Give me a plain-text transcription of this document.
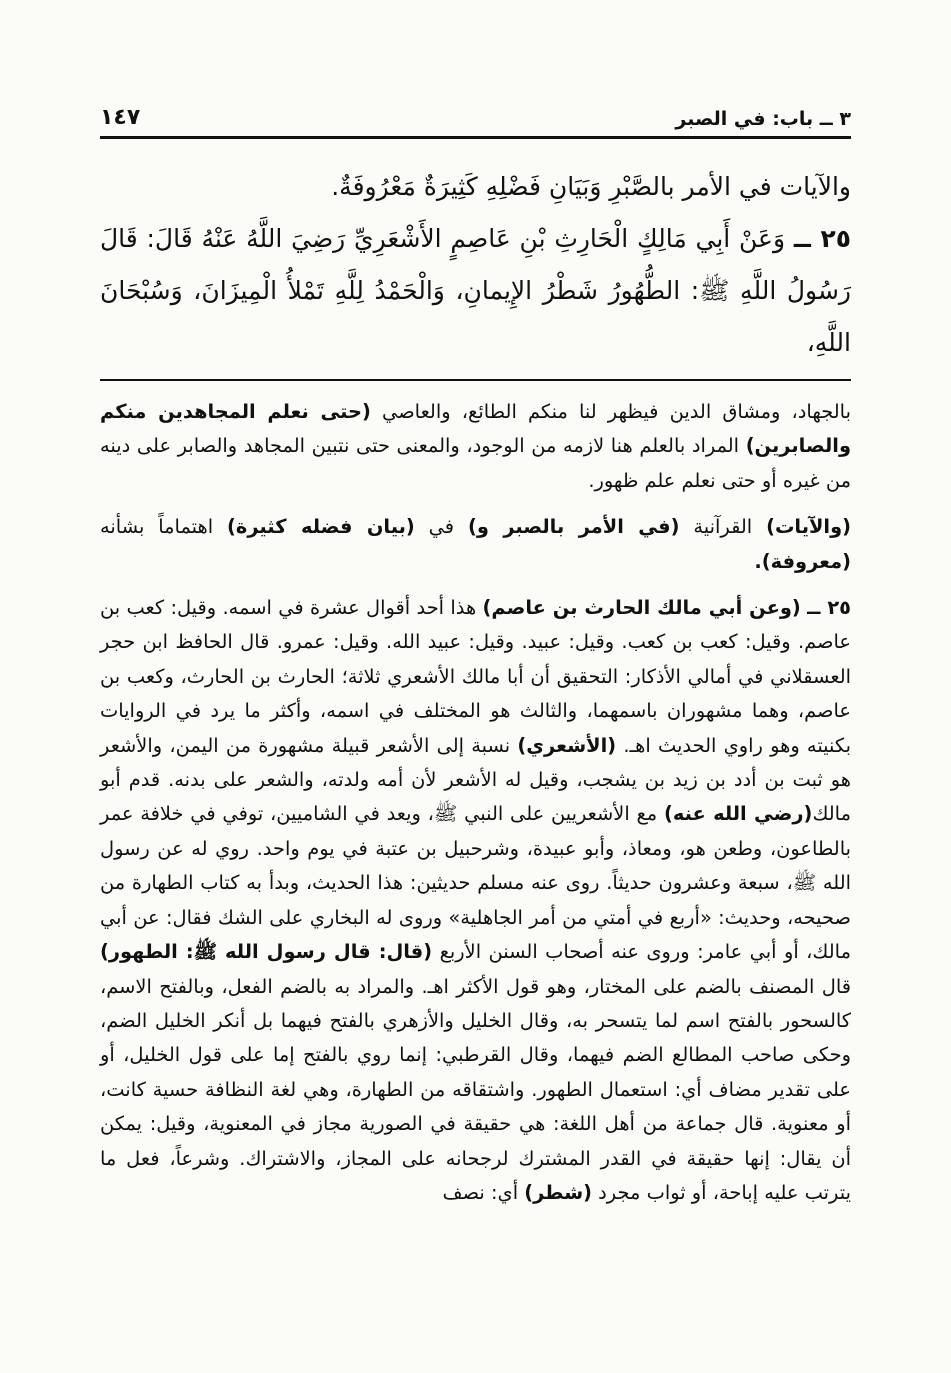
٣ ــ باب: في الصبر
١٤٧

والآيات في الأمر بالصَّبْرِ وَبَيَانِ فَضْلِهِ كَثِيرَةٌ مَعْرُوفَةٌ.

٢٥ ــ وَعَنْ أَبِي مَالِكٍ الْحَارِثِ بْنِ عَاصِمٍ الأَشْعَرِيِّ رَضِيَ اللَّهُ عَنْهُ قَالَ: قَالَ رَسُولُ اللَّهِ ﷺ: الطُّهُورُ شَطْرُ الإِيمانِ، وَالْحَمْدُ لِلَّهِ تَمْلأُ الْمِيزَانَ، وَسُبْحَانَ اللَّهِ،

بالجهاد، ومشاق الدين فيظهر لنا منكم الطائع، والعاصي (حتى نعلم المجاهدين منكم والصابرين) المراد بالعلم هنا لازمه من الوجود، والمعنى حتى نتبين المجاهد والصابر على دينه من غيره أو حتى نعلم علم ظهور.

(والآيات) القرآنية (في الأمر بالصبر و) في (بيان فضله كثيرة) اهتماماً بشأنه (معروفة).

٢٥ ــ (وعن أبي مالك الحارث بن عاصم) هذا أحد أقوال عشرة في اسمه. وقيل: كعب بن عاصم. وقيل: كعب بن كعب. وقيل: عبيد. وقيل: عبيد الله. وقيل: عمرو. قال الحافظ ابن حجر العسقلاني في أمالي الأذكار: التحقيق أن أبا مالك الأشعري ثلاثة؛ الحارث بن الحارث، وكعب بن عاصم، وهما مشهوران باسمهما، والثالث هو المختلف في اسمه، وأكثر ما يرد في الروايات بكنيته وهو راوي الحديث اهـ. (الأشعري) نسبة إلى الأشعر قبيلة مشهورة من اليمن، والأشعر هو ثبت بن أدد بن زيد بن يشجب، وقيل له الأشعر لأن أمه ولدته، والشعر على بدنه. قدم أبو مالك(رضي الله عنه) مع الأشعريين على النبي ﷺ، ويعد في الشاميين، توفي في خلافة عمر بالطاعون، وطعن هو، ومعاذ، وأبو عبيدة، وشرحبيل بن عتبة في يوم واحد. روي له عن رسول الله ﷺ، سبعة وعشرون حديثاً. روى عنه مسلم حديثين: هذا الحديث، وبدأ به كتاب الطهارة من صحيحه، وحديث: «أربع في أمتي من أمر الجاهلية» وروى له البخاري على الشك فقال: عن أبي مالك، أو أبي عامر: وروى عنه أصحاب السنن الأربع (قال: قال رسول الله ﷺ: الطهور) قال المصنف بالضم على المختار، وهو قول الأكثر اهـ. والمراد به بالضم الفعل، وبالفتح الاسم، كالسحور بالفتح اسم لما يتسحر به، وقال الخليل والأزهري بالفتح فيهما بل أنكر الخليل الضم، وحكى صاحب المطالع الضم فيهما، وقال القرطبي: إنما روي بالفتح إما على قول الخليل، أو على تقدير مضاف أي: استعمال الطهور. واشتقاقه من الطهارة، وهي لغة النظافة حسية كانت، أو معنوية. قال جماعة من أهل اللغة: هي حقيقة في الصورية مجاز في المعنوية، وقيل: يمكن أن يقال: إنها حقيقة في القدر المشترك لرجحانه على المجاز، والاشتراك. وشرعاً، فعل ما يترتب عليه إباحة، أو ثواب مجرد (شطر) أي: نصف
